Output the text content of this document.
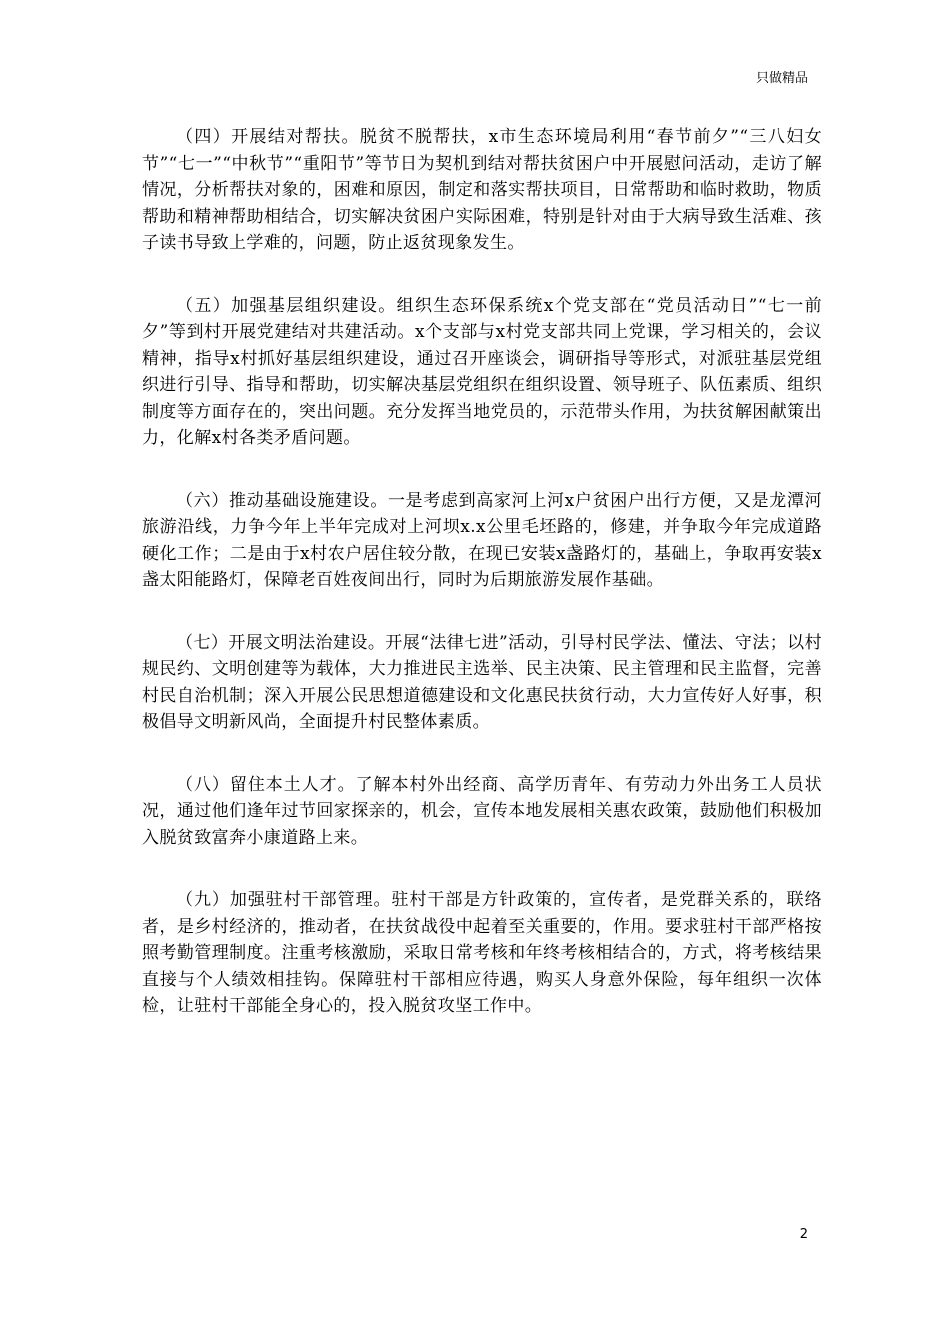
只做精品

（四）开展结对帮扶。脱贫不脱帮扶，x市生态环境局利用“春节前夕”“三八妇女节”“七一”“中秋节”“重阳节”等节日为契机到结对帮扶贫困户中开展慰问活动，走访了解情况，分析帮扶对象的，困难和原因，制定和落实帮扶项目，日常帮助和临时救助，物质帮助和精神帮助相结合，切实解决贫困户实际困难，特别是针对由于大病导致生活难、孩子读书导致上学难的，问题，防止返贫现象发生。

（五）加强基层组织建设。组织生态环保系统x个党支部在“党员活动日”“七一前夕”等到村开展党建结对共建活动。x个支部与x村党支部共同上党课，学习相关的，会议精神，指导x村抓好基层组织建设，通过召开座谈会，调研指导等形式，对派驻基层党组织进行引导、指导和帮助，切实解决基层党组织在组织设置、领导班子、队伍素质、组织制度等方面存在的，突出问题。充分发挥当地党员的，示范带头作用，为扶贫解困献策出力，化解x村各类矛盾问题。

（六）推动基础设施建设。一是考虑到高家河上河x户贫困户出行方便，又是龙潭河旅游沿线，力争今年上半年完成对上河坝x.x公里毛坯路的，修建，并争取今年完成道路硬化工作；二是由于x村农户居住较分散，在现已安装x盏路灯的，基础上，争取再安装x盏太阳能路灯，保障老百姓夜间出行，同时为后期旅游发展作基础。

（七）开展文明法治建设。开展“法律七进”活动，引导村民学法、懂法、守法；以村规民约、文明创建等为载体，大力推进民主选举、民主决策、民主管理和民主监督，完善村民自治机制；深入开展公民思想道德建设和文化惠民扶贫行动，大力宣传好人好事，积极倡导文明新风尚，全面提升村民整体素质。

（八）留住本土人才。了解本村外出经商、高学历青年、有劳动力外出务工人员状况，通过他们逢年过节回家探亲的，机会，宣传本地发展相关惠农政策，鼓励他们积极加入脱贫致富奔小康道路上来。

（九）加强驻村干部管理。驻村干部是方针政策的，宣传者，是党群关系的，联络者，是乡村经济的，推动者，在扶贫战役中起着至关重要的，作用。要求驻村干部严格按照考勤管理制度。注重考核激励，采取日常考核和年终考核相结合的，方式，将考核结果直接与个人绩效相挂钩。保障驻村干部相应待遇，购买人身意外保险，每年组织一次体检，让驻村干部能全身心的，投入脱贫攻坚工作中。

2
